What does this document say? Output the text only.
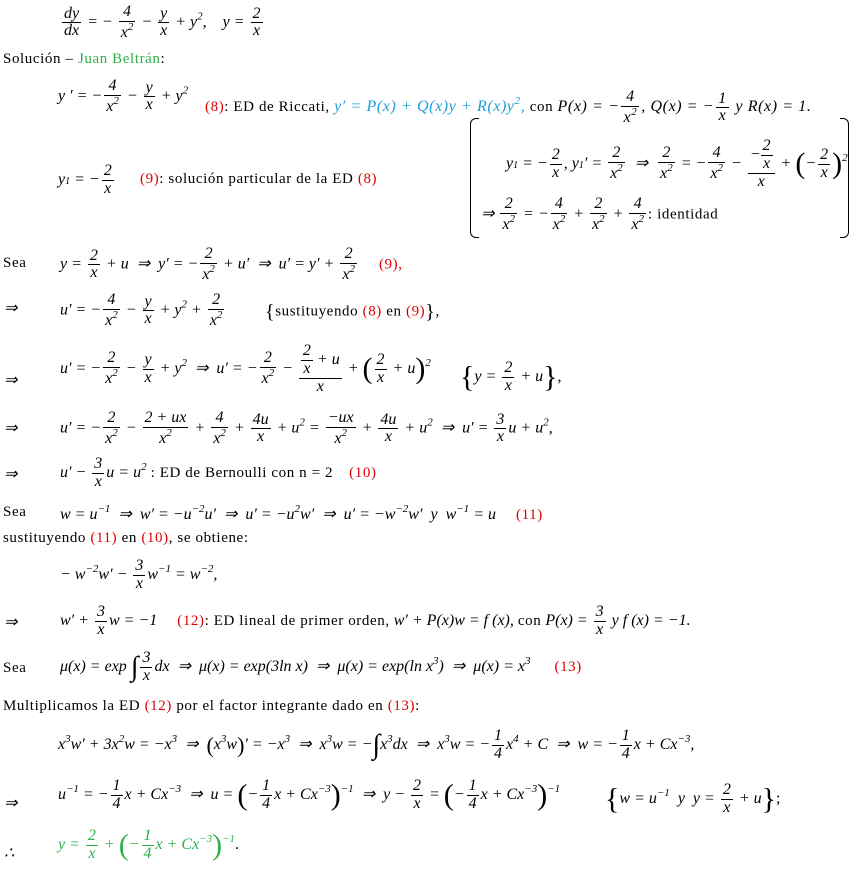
$\frac{dy}{dx}$ = − $\frac{4}{x^2} - \frac{y}{x} + y^2$,    $y = \frac{2}{x}$
Solución – Juan Beltrán:
y ′ = − $\frac{4}{x^2} - \frac{y}{x} + y^2$
(8): ED de Riccati, $y' = P(x) + Q(x)y + R(x)y^2$, con P(x) = − $\frac{4}{x^2}$ , Q(x) = − $\frac{1}{x}$ y R(x) = 1.
y1 = − $\frac{2}{x} (9)$: solución particular de la ED (8)
y1 = − $\frac{2}{x}$ , $y1' = \frac{2}{x^2}$ ⇒ $\frac{2}{x^2}$ = − $\frac{4}{x^2} - \frac{- \frac{2}{x}}{x}$ + (− $\frac{2}{x} )^2$
⇒ $\frac{2}{x^2}$ = − $\frac{4}{x^2} + \frac{2}{x^2} + \frac{4}{x^2}$ : identidad
Sea $y = \frac{2}{x} + u$  ⇒  y′ = − $\frac{2}{x^2} + u'$  ⇒  $u' = y' + \frac{2}{x^2} (9)$,
⇒	u′ = − $\frac{4}{x^2} - \frac{y}{x} + y^2 + \frac{2}{x^2}$ {sustituyendo (8) en (9)},
⇒
u′ = − $\frac{2}{x^2} - \frac{y}{x} + y^2$  ⇒  u′ = − $\frac{2}{x^2} - \frac{\frac{2}{x} + u}{x}$ + ( $\frac{2}{x} + u)^2$ $\{y = \frac{2}{x} + u\}$,
⇒	u′ = − $\frac{2}{x^2} - \frac{2 + ux}{x^2} + \frac{4}{x^2} + \frac{4u}{x} + u^2 = \frac{-ux}{x^2} + \frac{4u}{x} + u^2$  ⇒  $u' = \frac{3}{x}$ $u + u^2$,
⇒	$u' - \frac{3}{x}$ $u = u^2$ : ED de Bernoulli con n = 2 (10)
Sea $w = u^{-1}$  ⇒  $w' = -u^{-2}u'$  ⇒  $u' = -u^2w'$  ⇒  $u' = -w^{-2}w'$  y  $w^{-1} = u$     (11)
sustituyendo (11) en (10), se obtiene:
− $w^{-2}w' - \frac{3}{x} w^{-1} = w^{-2}$,
⇒	$w' + \frac{3}{x}$ w = −1     (12): ED lineal de primer orden, w′ + P(x)w = f (x), con $P(x) = \frac{3}{x}$ y f (x) = −1.
Sea μ(x) = exp ∫ $\frac{3}{x}$ dx  ⇒  μ(x) = exp(3ln x)  ⇒  μ(x) = exp(ln $x^3$)  ⇒  $\mu(x) = x^3$ (13)
Multiplicamos la ED (12) por el factor integrante dado en (13):
$x^3w' + 3x^2w = -x^3$  ⇒  $(x^3w)' = -x^3$  ⇒  $x^3w = -\int x^3dx$  ⇒  $x^3w$ = − $\frac{1}{4} x^4 + C$  ⇒  w = − $\frac{1}{4}$ $x + Cx^{-3}$,
⇒
$u^{-1}$ = − $\frac{1}{4}$ $x + Cx^{-3}$  ⇒  u = (− $\frac{1}{4}$ $x + Cx^{-3})^{-1}$  ⇒  $y - \frac{2}{x}$ = (− $\frac{1}{4}$ $x + Cx^{-3})^{-1}$ {$w = u^{-1}$  y  $y = \frac{2}{x} + u$};
∴
$y = \frac{2}{x}$ + (− $\frac{1}{4}$ $x + Cx^{-3})^{-1}$.
